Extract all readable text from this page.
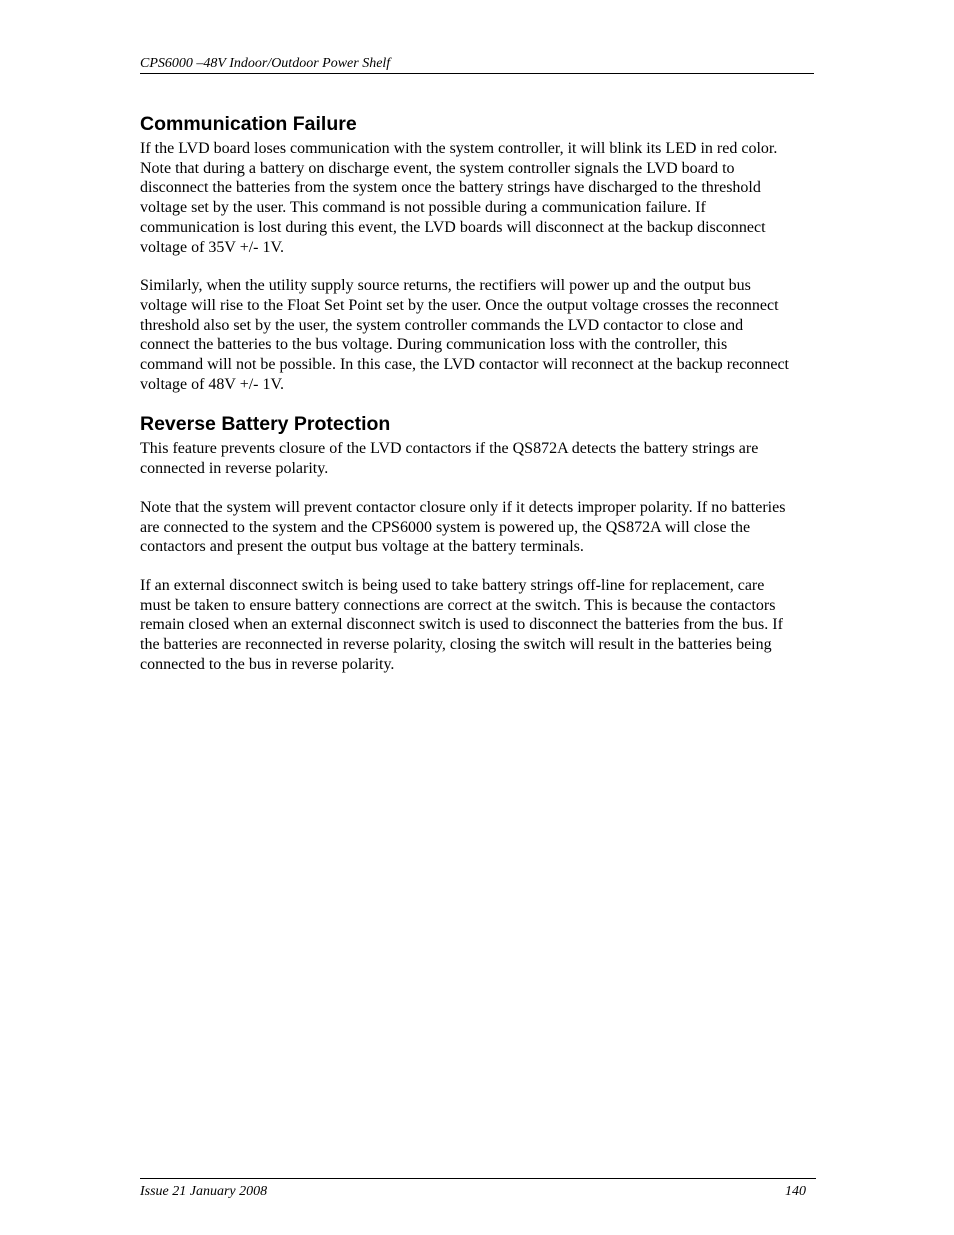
CPS6000 –48V Indoor/Outdoor Power Shelf
Communication Failure

If the LVD board loses communication with the system controller, it will blink its LED in red color. Note that during a battery on discharge event, the system controller signals the LVD board to disconnect the batteries from the system once the battery strings have discharged to the threshold voltage set by the user. This command is not possible during a communication failure. If communication is lost during this event, the LVD boards will disconnect at the backup disconnect voltage of 35V +/- 1V.

Similarly, when the utility supply source returns, the rectifiers will power up and the output bus voltage will rise to the Float Set Point set by the user. Once the output voltage crosses the reconnect threshold also set by the user, the system controller commands the LVD contactor to close and connect the batteries to the bus voltage. During communication loss with the controller, this command will not be possible. In this case, the LVD contactor will reconnect at the backup reconnect voltage of 48V +/- 1V.

Reverse Battery Protection

This feature prevents closure of the LVD contactors if the QS872A detects the battery strings are connected in reverse polarity.

Note that the system will prevent contactor closure only if it detects improper polarity. If no batteries are connected to the system and the CPS6000 system is powered up, the QS872A will close the contactors and present the output bus voltage at the battery terminals.

If an external disconnect switch is being used to take battery strings off-line for replacement, care must be taken to ensure battery connections are correct at the switch. This is because the contactors remain closed when an external disconnect switch is used to disconnect the batteries from the bus. If the batteries are reconnected in reverse polarity, closing the switch will result in the batteries being connected to the bus in reverse polarity.

Issue 21 January 2008	140
